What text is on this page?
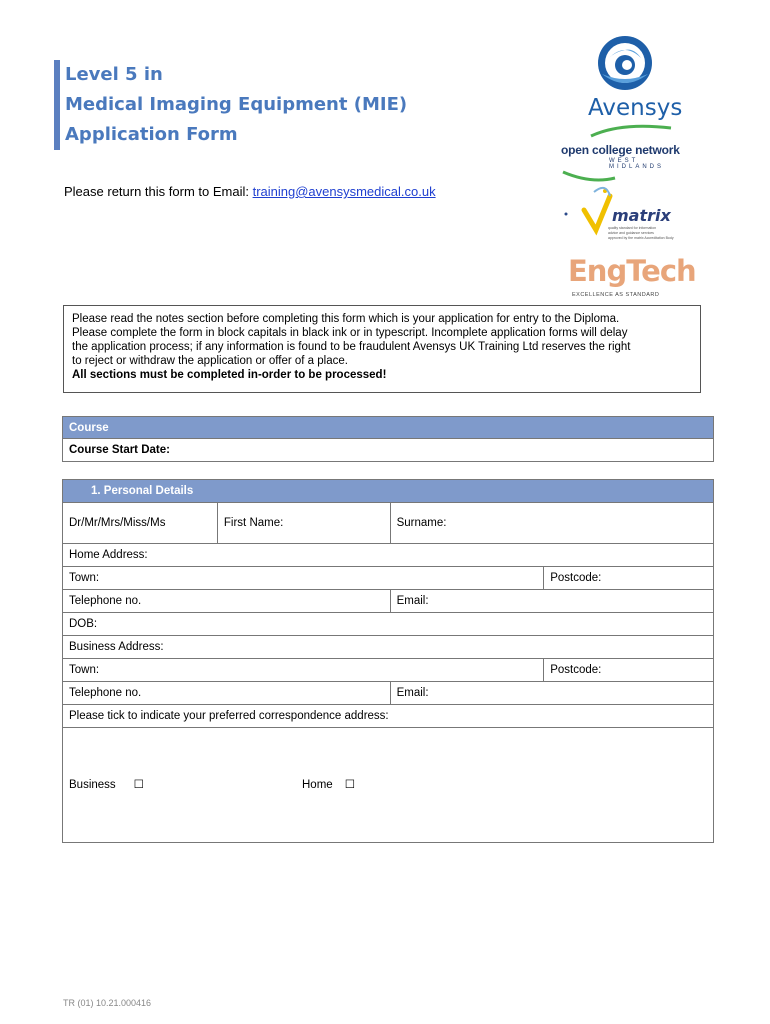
Level 5 in
Medical Imaging Equipment (MIE)
Application Form
Please return this form to Email: training@avensysmedical.co.uk
Avensys
open college network
WEST MIDLANDS
matrix
quality standard for information
advice and guidance services
approved by the matrix Accreditation Body
EngTech
EXCELLENCE AS STANDARD
Please read the notes section before completing this form which is your application for entry to the Diploma.
Please complete the form in block capitals in black ink or in typescript. Incomplete application forms will delay
the application process; if any information is found to be fraudulent Avensys UK Training Ltd reserves the right
to reject or withdraw the application or offer of a place.
All sections must be completed in-order to be processed!
Course
Course Start Date:
1. Personal Details			
Dr/Mr/Mrs/Miss/Ms	First Name:	Surname:	
Home Address:			
Town:			Postcode:
Telephone no.		Email:	
DOB:			
Business Address:			
Town:			Postcode:
Telephone no.		Email:	
Please tick to indicate your preferred correspondence address:			

Business ☐ Home ☐			
TR (01) 10.21.000416
